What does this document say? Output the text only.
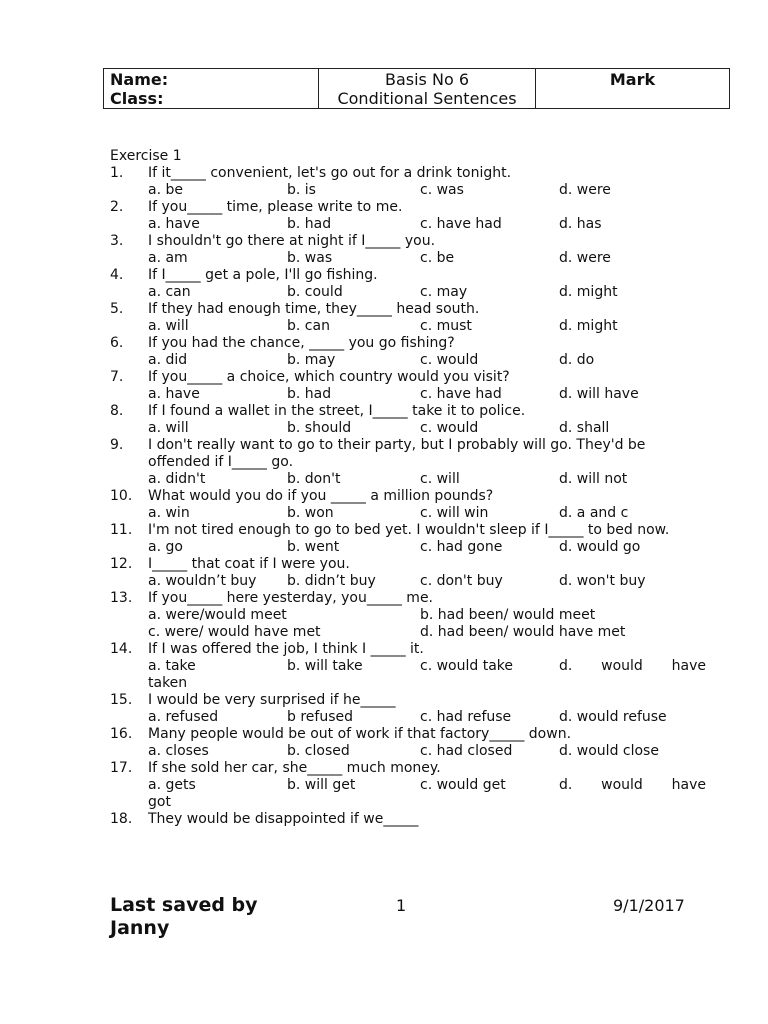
Name:
Class:
Basis No 6
Conditional Sentences
Mark
Exercise 1
1. If it_____ convenient, let's go out for a drink tonight.
a. be	b. is	c. was	d. were
2. If you_____ time, please write to me.
a. have	b. had	c. have had	d. has
3. I shouldn't go there at night if I_____ you.
a. am	b. was	c. be	d. were
4. If I_____ get a pole, I'll go fishing.
a. can	b. could	c. may	d. might
5. If they had enough time, they_____ head south.
a. will	b. can	c. must	d. might
6. If you had the chance, _____ you go fishing?
a. did	b. may	c. would	d. do
7. If you_____ a choice, which country would you visit?
a. have	b. had	c. have had	d. will have
8. If I found a wallet in the street, I_____ take it to police.
a. will	b. should	c. would	d. shall
9. I don't really want to go to their party, but I probably will go. They'd be offended if I_____ go.
a. didn't	b. don't	c. will	d. will not
10. What would you do if you _____ a million pounds?
a. win	b. won	c. will win	d. a and c
11. I'm not tired enough to go to bed yet. I wouldn't sleep if I_____ to bed now.
a. go	b. went	c. had gone	d. would go
12. I_____ that coat if I were you.
a. wouldn’t buy b. didn’t buy	c. don't buy	d. won't buy
13. If you_____ here yesterday, you_____ me.
a. were/would meet	b. had been/ would meet
c. were/ would have met	d. had been/ would have met
14. If I was offered the job, I think I _____ it.
a. take	b. will take	c. would take	d. would have
taken
15. I would be very surprised if he_____
a. refused	b refused	c. had refuse	d. would refuse
16. Many people would be out of work if that factory_____ down.
a. closes	b. closed	c. had closed	d. would close
17. If she sold her car, she_____ much money.
a. gets	b. will get	c. would get	d. would have
got
18. They would be disappointed if we_____
Last saved by Janny
1	9/1/2017
